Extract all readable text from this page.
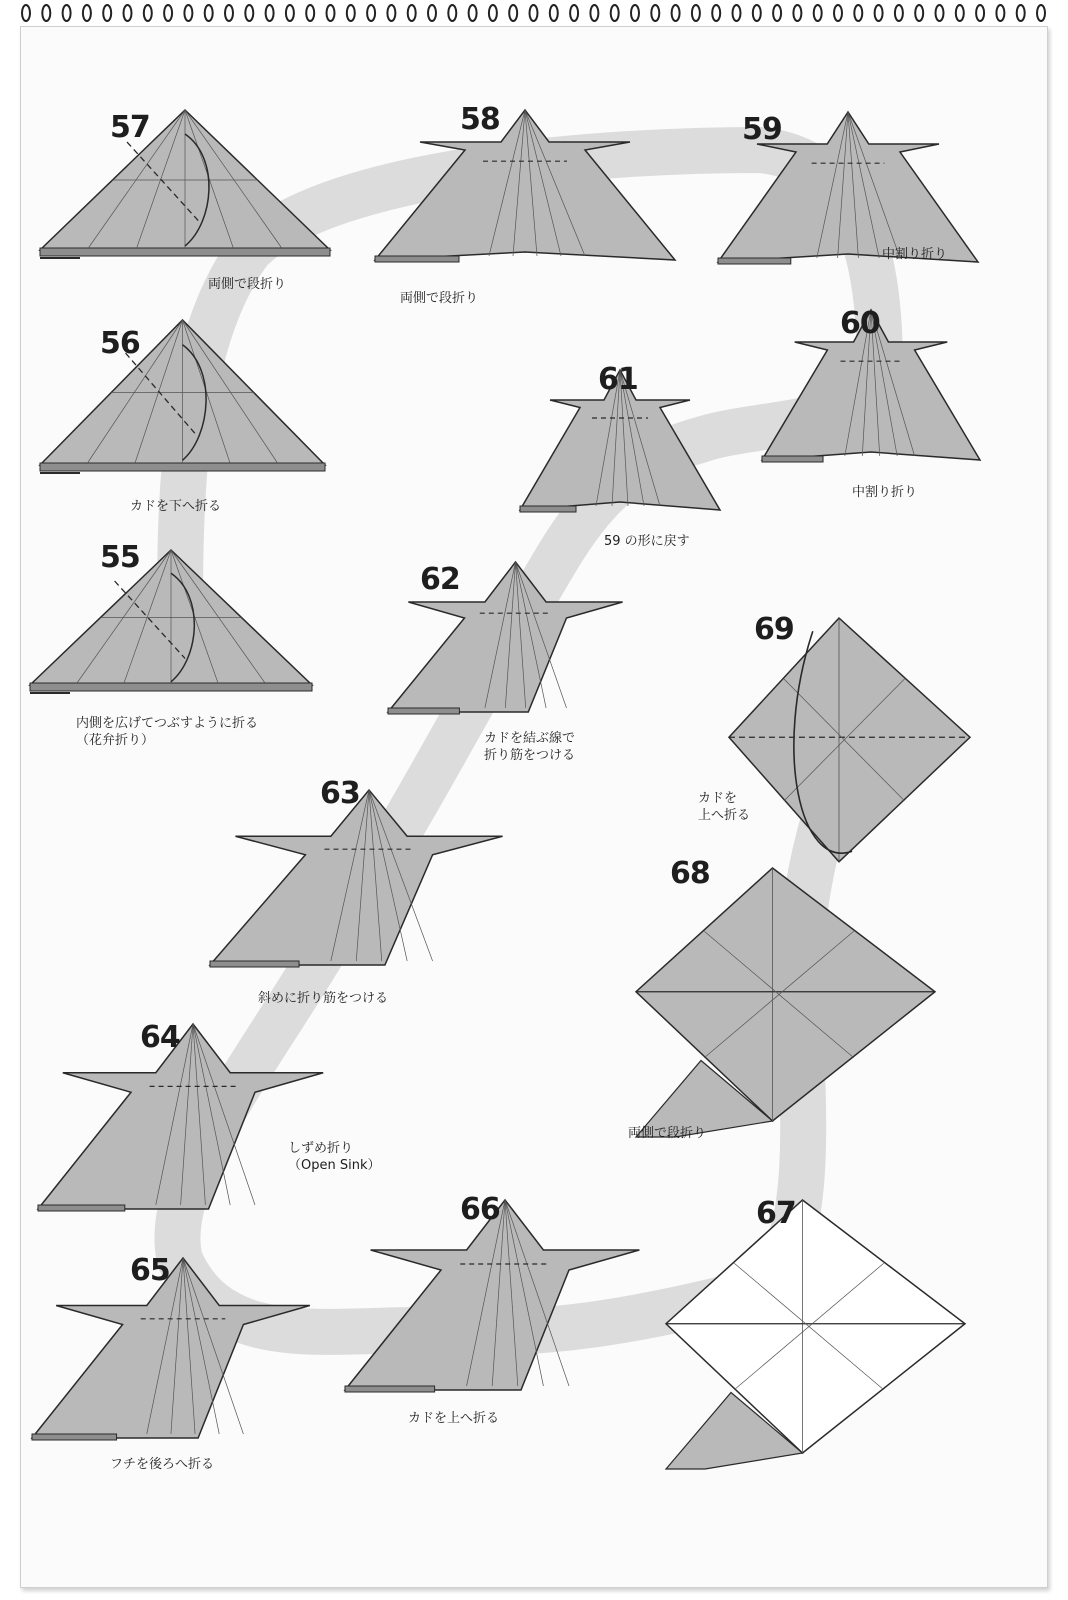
55
内側を広げてつぶすように折る
（花弁折り）
56
カドを下へ折る
57
両側で段折り
58
両側で段折り
59
中割り折り
60
中割り折り
61
59 の形に戻す
62
カドを結ぶ線で
折り筋をつける
63
斜めに折り筋をつける
64
しずめ折り
（Open Sink）
65
フチを後ろへ折る
66
カドを上へ折る
67
68
両側で段折り
69
カドを
上へ折る
